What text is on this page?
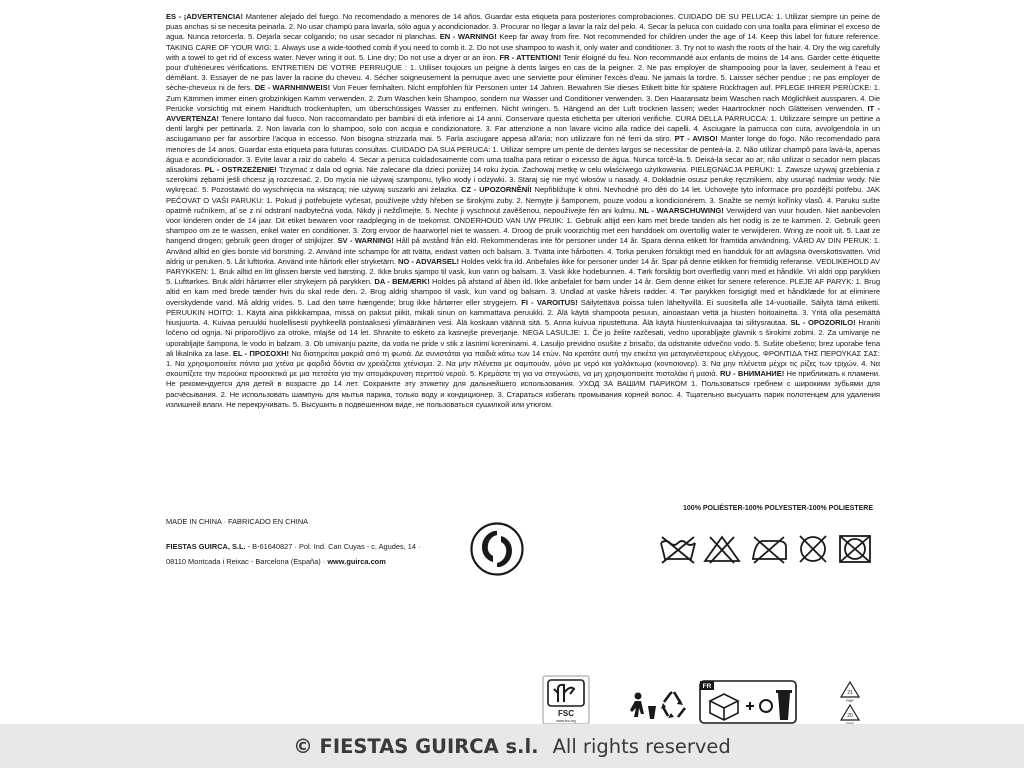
ES - ¡ADVERTENCIA! Mantener alejado del fuego. No recomendado a menores de 14 años. Guardar esta etiqueta para posteriores comprobaciones. CUIDADO DE SU PELUCA: 1. Utilizar siempre un peine de puas anchas si se necesita peinarla. 2. No usar champú para lavarla, sólo agua y acondicionador. 3. Procurar no llegar a lavar la raíz del pelo. 4. Secar la peluca con cuidado con una toalla para eliminar el exceso de agua. Nunca retorcerla. 5. Dejarla secar colgando; no usar secador ni planchas. EN - WARNING! Keep far away from fire. Not recommended for children under the age of 14. Keep this label for future reference. TAKING CARE OF YOUR WIG: 1. Always use a wide-toothed comb if you need to comb it. 2. Do not use shampoo to wash it, only water and conditioner. 3. Try not to wash the roots of the hair. 4. Dry the wig carefully with a towel to get rid of excess water. Never wring it out. 5. Line dry; Do not use a dryer or an iron. FR - ATTENTION! Tenir éloigné du feu. Non recommandé aux enfants de moins de 14 ans. Garder cette étiquette pour d'ultérieures vérifications. ENTRETIEN DE VOTRE PERRUQUE : 1. Utiliser toujours un peigne à dents larges en cas de la peigner. 2. Ne pas employer de shampooing pour la laver, seulement à l'eau et démêlant. 3. Essayer de ne pas laver la racine du cheveu. 4. Sécher soigneusement la perruque avec une serviette pour éliminer l'excès d'eau. Ne jamais la tordre. 5. Laisser sécher pendue ; ne pas employer de sèche-cheveux ni de fers. DE - WARNHINWEIS! Von Feuer fernhalten. Nicht empfohlen für Personen unter 14 Jahren. Bewahren Sie dieses Etikett bitte für spätere Rückfragen auf. PFLEGE IHRER PERÜCKE: 1. Zum Kämmen immer einen grobzinkigen Kamm verwenden. 2. Zum Waschen kein Shampoo, sondern nur Wasser und Conditioner verwenden. 3. Den Haaransatz beim Waschen nach Möglichkeit aussparen. 4. Die Perücke vorsichtig mit einem Handtuch trockentupfen, um überschüssiges Wasser zu entfernen. Nicht wringen. 5. Hängend an der Luft trocknen lassen; weder Haartrockner noch Glätteisen verwenden. IT - AVVERTENZA! Tenere lontano dal fuoco. Non raccomandato per bambini di età inferiore ai 14 anni. Conservare questa etichetta per ulteriori verifiche. CURA DELLA PARRUCCA: 1. Utilizzare sempre un pettine a denti larghi per pettinarla. 2. Non lavarla con lo shampoo, solo con acqua e condizionatore. 3. Far attenzione a non lavare vicino alla radice dei capelli. 4. Asciugare la parrucca con cura, avvolgendola in un asciugamano per far assorbire l'acqua in eccesso. Non bisogna strizzarla mai. 5. Farla asciugare appesa all'aria; non utilizzare fon né ferri da stiro. PT - AVISO! Manter longe do fogo. Não recomendado para menores de 14 anos. Guardar esta etiqueta para futuras consultas. CUIDADO DA SUA PERUCA: 1. Utilizar sempre um pente de dentes largos se necessitar de penteá-la. 2. Não utilizar champô para lavá-la, apenas água e acondicionador. 3. Evite lavar a raiz do cabelo. 4. Secar a peruca cuidadosamente com uma toalha para retirar o excesso de água. Nunca torcê-la. 5. Deixá-la secar ao ar; não utilizar o secador nem placas alisadoras. PL - OSTRZEŻENIE! Trzymać z dala od ognia. Nie zalecane dla dzieci poniżej 14 roku życia. Zachowaj metkę w celu właściwego użytkowania. PIELĘGNACJA PERUKI: 1. Zawsze używaj grzebienia z szerokimi zębami jeśli chcesz ją rozczesać. 2. Do mycia nie używaj szamponu, tylko wody i odżywki. 3. Staraj się nie myć włosów u nasady. 4. Dokładnie osusz perukę ręcznikiem, aby usunąć nadmiar wody. Nie wykręcać. 5. Pozostawić do wyschnięcia na wiszącą; nie używaj suszarki ani żelazka. CZ - UPOZORNĚNÍ! Nepřibližujte k ohni. Nevhodné pro děti do 14 let. Uchovejte tyto informace pro pozdější potřebu. JAK PEČOVAT O VAŠI PARUKU: 1. Pokud ji potřebujete vyčesat, používejte vždy hřeben se širokými zuby. 2. Nemyjte ji šamponem, pouze vodou a kondicionérem. 3. Snažte se nemýt kořínky vlasů. 4. Paruku sušte opatrně ručníkem, ať se z ní odstraní nadbytečná voda. Nikdy ji nežďímejte. 5. Nechte ji vyschnout zavěšenou, nepoužívejte fén ani kulmu. NL - WAARSCHUWING! Verwijderd van vuur houden. Niet aanbevolen voor kinderen onder de 14 jaar. Dit etiket bewaren voor raadpleging in de toekomst. ONDERHOUD VAN UW PRUIK: 1. Gebruik altijd een kam met brede tanden als het nodig is ze te kammen. 2. Gebruik geen shampoo om ze te wassen, enkel water en conditioner. 3. Zorg ervoor de haarwortel niet te wassen. 4. Droog de pruik voorzichtig met een handdoek om overtollig water te verwijderen. Wring ze nooit uit. 5. Laat ze hangend drogen; gebruik geen droger of strijkijzer. SV - WARNING! Håll på avstånd från eld. Rekommenderas inte för personer under 14 år. Spara denna etikett för framtida användning. VÅRD AV DIN PERUK: 1. Använd alltid en gles borste vid borstning. 2. Använd inte schampo för att tvätta, endast vatten och balsam. 3. Tvätta inte hårbotten. 4. Torka peruken försiktigt med en handduk för att avlägsna överskottsvatten. Vrid aldrig ur peruken. 5. Låt lufttorka. Använd inte hårtork eller stryketärn. NO - ADVARSEL! Holdes vekk fra ild. Anbefales ikke for personer under 14 år. Spar på denne etikken for fremtidig referanse. VEDLIKEHOLD AV PARYKKEN: 1. Bruk alltid en litt glissen børste ved børsting. 2. Ikke bruks sjampo til vask, kun vann og balsam. 3. Vask ikke hodebunnen. 4. Tørk forsiktig bort overfledig vann med et håndkle. Vri aldri opp parykken 5. Lufttørkes. Bruk aldri hårtørrer eller strykejern på parykken. DA - BEMÆRK! Holdes på afstand af åben ild. Ikke anbefalet for børn under 14 år. Gem denne etiket for senere reference. PLEJE AF PARYK: 1. Brug altid en kam med brede tænder hvis du skal rede den. 2. Brug aldrig shampoo til vask, kun vand og balsam. 3. Undlad at vaske hårets rødder. 4. Tør parykken forsigtigt med et håndklæde for at eliminere overskydende vand. Må aldrig vrides. 5. Lad den tørre hængende; brug ikke hårtørrer eller strygejern. FI - VAROITUS! Säilytettävä poissa tulen läheltyvillä. Ei suositella alle 14-vuotiaille. Säilytä tämä etiketti. PERUUKIN HOITO: 1. Käytä aina piikkikampaa, missä on paksut piikit, mikäli sinun on kammattava peruukki. 2. Älä käytä shampoota pesuun, ainoastaan vettä ja hiusten hoitoainetta. 3. Yritä olla pesemättä hiusjuurta. 4. Kuivaa peruukki huolellisesti pyyhkeellä poistaaksesi ylimääräinen vesi. Älä koskaan väännä sitä. 5. Anna kuivua ripustettuna. Älä käytä hiustenkuivaajaa tai silitysrautaa. SL - OPOZORILO! Hraniti ločeno od ognja. Ni priporočljivo za otroke, mlajše od 14 let. Shranite to etiketo za kasnejše preverjanje. NEGA LASULJE: 1. Če jo želite razčesati, vedno uporabljajte glavnik s širokimi zobmi. 2. Za umivanje ne uporabljajte šampona, le vodo in balzam. 3. Ob umivanju pazite, da voda ne pride v stik z lasnimi koreninami. 4. Lasuljo previdno osušite z brisačo, da odstranite odvečno vodo. 5. Sušite obešeno; brez uporabe fena ali likalnika za lase. EL - ΠΡΟΣΟΧΗ! Να διατηρείται μακριά από τη φωτιά. Δε συνιστάται για παιδιά κάτω των 14 ετών. Να κρατάτε αυτή την ετικέτα για μεταγενέστερους ελέγχους. ΦΡΟΝΤΙΔΑ ΤΗΣ ΠΕΡΟΥΚΑΣ ΣΑΣ: 1. Να χρησιμοποιείτε πάντα μια χτένα με φαρδιά δόντια αν χρειάζεται χτένισμα. 2. Να μην πλένεται με σαμπουάν, μόνο με νερό και γαλάκτωμα (κοντισιονερ). 3. Να μην πλένεται μέχρι τις ρίζες των τριχών. 4. Να σκουπίζετε την περούκα προσεκτικά με μια πετσέτα για την απομάκρυνση περιττού νερού. 5. Κρεμάστε τη για να στεγνώσει, να μη χρησιμοποιείτε πιστολάκι ή μασιά. RU - ВНИМАНИЕ! Не приближать к пламени. Не рекомендуется для детей в возрасте до 14 лет. Сохраните эту этикетку для дальнейшего использования. УХОД ЗА ВАШИМ ПАРИКОМ 1. Пользоваться гребнем с широкими зубьями для расчёсывания. 2. Не использовать шампунь для мытья парика, только воду и кондиционер. 3. Стараться избегать промывания корней волос. 4. Тщательно высушить парик полотенцем для удаления излишней влаги. Не перекручивать. 5. Высушить в подвешенном виде, не пользоваться сушилкой или утюгом.
100% POLIÉSTER-100% POLYESTER-100% POLIESTERE
MADE IN CHINA · FABRICADO EN CHINA
FIESTAS GUIRCA, S.L. - B-61640827 · Pol. Ind. Can Cuyas - c. Agudes, 14 ·
08110 Montcada i Reixac - Barcelona (España) · www.guirca.com
FSC
www.fsc.org
FR
21
PAP
20
© FIESTAS GUIRCA s.l. All rights reserved
